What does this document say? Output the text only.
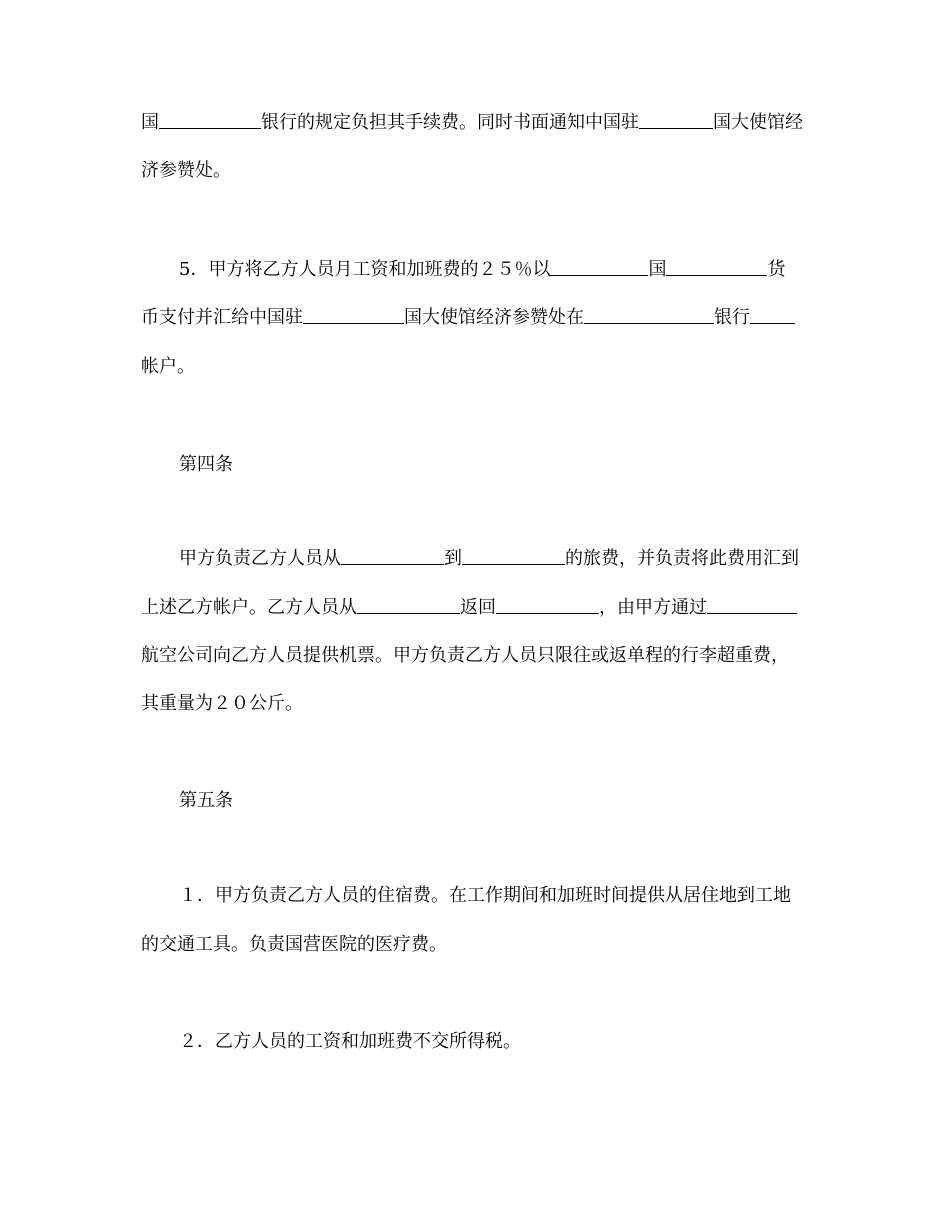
国	银行的规定负担其手续费。同时书面通知中国驻	国大使馆经
济参赞处。
5．甲方将乙方人员月工资和加班费的２５％以	国	货
币支付并汇给中国驻	国大使馆经济参赞处在	银行
帐户。
第四条
甲方负责乙方人员从	到	的旅费，并负责将此费用汇到
上述乙方帐户。乙方人员从	返回	，由甲方通过
航空公司向乙方人员提供机票。甲方负责乙方人员只限往或返单程的行李超重费，
其重量为２０公斤。
第五条
１．甲方负责乙方人员的住宿费。在工作期间和加班时间提供从居住地到工地
的交通工具。负责国营医院的医疗费。
２．乙方人员的工资和加班费不交所得税。
